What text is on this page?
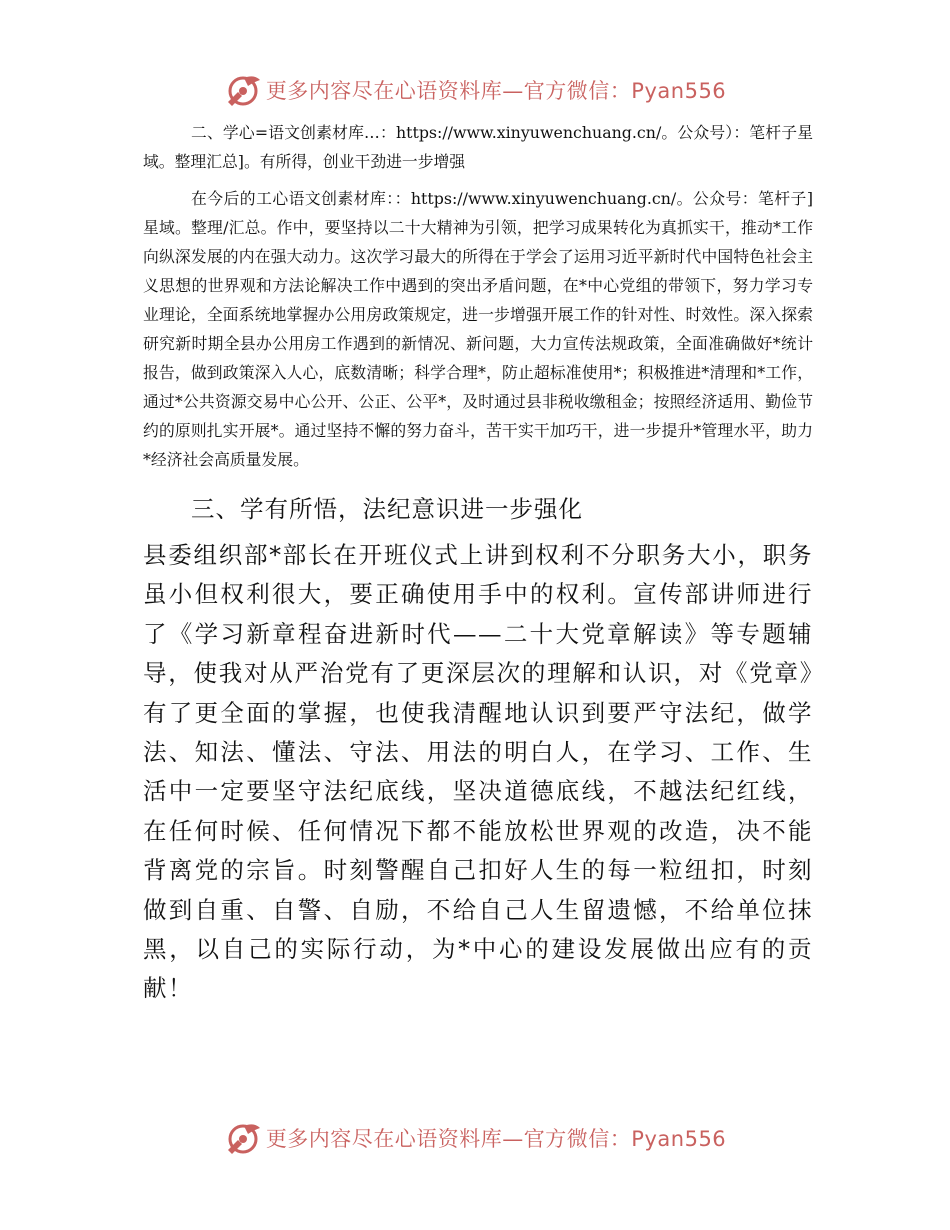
更多内容尽在心语资料库—官方微信：Pyan556

二、学心=语文创素材库…：https://www.xinyuwenchuang.cn/。公众号）：笔杆子星域。整理汇总]。有所得，创业干劲进一步增强

在今后的工心语文创素材库：：https://www.xinyuwenchuang.cn/。公众号：笔杆子]星域。整理/汇总。作中，要坚持以二十大精神为引领，把学习成果转化为真抓实干，推动*工作向纵深发展的内在强大动力。这次学习最大的所得在于学会了运用习近平新时代中国特色社会主义思想的世界观和方法论解决工作中遇到的突出矛盾问题，在*中心党组的带领下，努力学习专业理论，全面系统地掌握办公用房政策规定，进一步增强开展工作的针对性、时效性。深入探索研究新时期全县办公用房工作遇到的新情况、新问题，大力宣传法规政策，全面准确做好*统计报告，做到政策深入人心，底数清晰；科学合理*，防止超标准使用*；积极推进*清理和*工作，通过*公共资源交易中心公开、公正、公平*，及时通过县非税收缴租金；按照经济适用、勤俭节约的原则扎实开展*。通过坚持不懈的努力奋斗，苦干实干加巧干，进一步提升*管理水平，助力*经济社会高质量发展。

三、学有所悟，法纪意识进一步强化

县委组织部*部长在开班仪式上讲到权利不分职务大小，职务虽小但权利很大，要正确使用手中的权利。宣传部讲师进行了《学习新章程奋进新时代——二十大党章解读》等专题辅导，使我对从严治党有了更深层次的理解和认识，对《党章》有了更全面的掌握，也使我清醒地认识到要严守法纪，做学法、知法、懂法、守法、用法的明白人，在学习、工作、生活中一定要坚守法纪底线，坚决道德底线，不越法纪红线，在任何时候、任何情况下都不能放松世界观的改造，决不能背离党的宗旨。时刻警醒自己扣好人生的每一粒纽扣，时刻做到自重、自警、自励，不给自己人生留遗憾，不给单位抹黑，以自己的实际行动，为*中心的建设发展做出应有的贡献！

更多内容尽在心语资料库—官方微信：Pyan556
